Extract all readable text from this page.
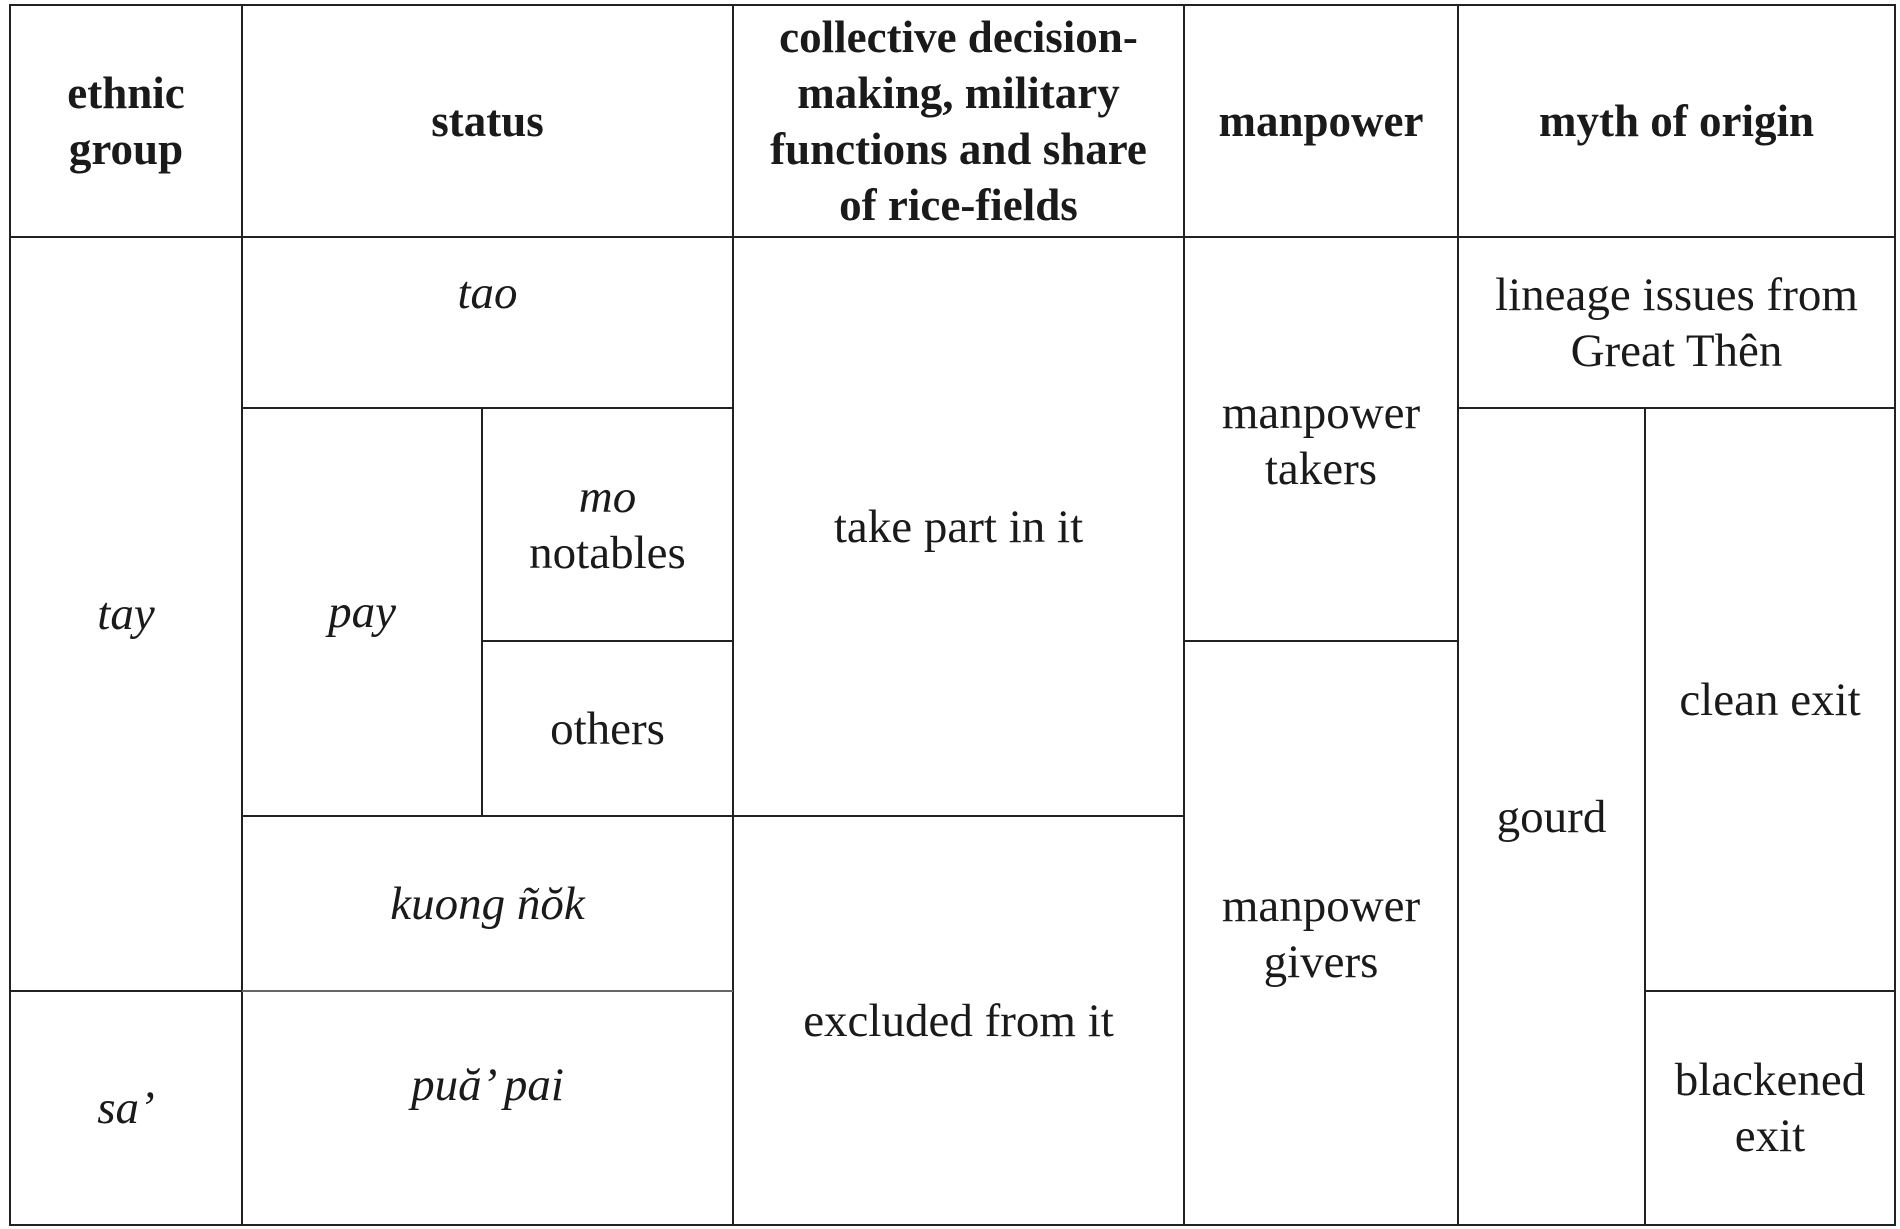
ethnic group
status
collective decision-making, military functions and share of rice-fields
manpower	myth of origin
tay
sa’
tao
pay
mo
notables
others
kuong ñŏk
puă’ pai
take part in it
excluded from it
manpower takers
manpower givers
lineage issues from Great Thên
gourd
clean exit
blackened exit
